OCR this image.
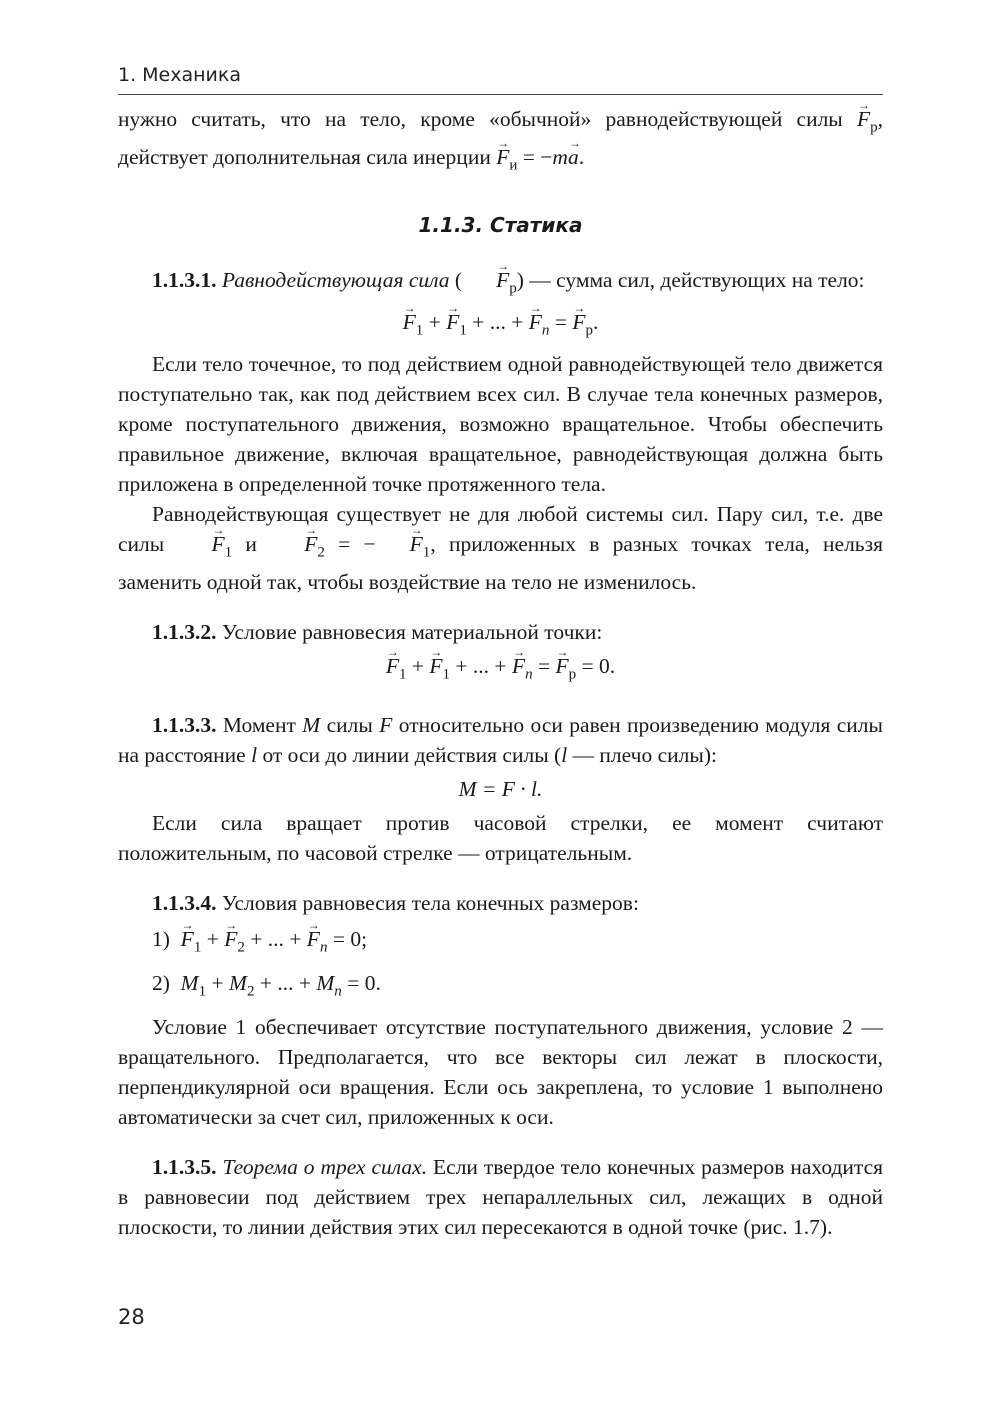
1. Механика

нужно считать, что на тело, кроме «обычной» равнодействующей силы → $F_р$, действует дополнительная сила инерции → $F_и = -m\to a$.

1.1.3. Статика

1.1.3.1. Равнодействующая сила ( → $F_р$) — сумма сил, действующих на тело:

→ $F_1$ + → $F_1$ + ... + → $F_n$ = → $F_р$.

Если тело точечное, то под действием одной равнодействующей тело движется поступательно так, как под действием всех сил. В случае тела конечных размеров, кроме поступательного движения, возможно вращательное. Чтобы обеспечить правильное движение, включая вращательное, равнодействующая должна быть приложена в определенной точке протяженного тела.

Равнодействующая существует не для любой системы сил. Пару сил, т.е. две силы → $F_1$ $и \to F_2$ = − → $F_1$, приложенных в разных точках тела, нельзя заменить одной так, чтобы воздействие на тело не изменилось.

1.1.3.2. Условие равновесия материальной точки:

→ $F_1$ + → $F_1$ + ... + → $F_n$ = → $F_р = 0$.

1.1.3.3. Момент M силы F относительно оси равен произведению модуля силы на расстояние l от оси до линии действия силы (l — плечо силы):

M = F · l.

Если сила вращает против часовой стрелки, ее момент считают положительным, по часовой стрелке — отрицательным.

1.1.3.4. Условия равновесия тела конечных размеров:

$1) \to F_1$ + → $F_2$ + ... + → $F_n = 0$;
2) $M_1 + M_2$ + ... + $M_n = 0$.

Условие 1 обеспечивает отсутствие поступательного движения, условие 2 — вращательного. Предполагается, что все векторы сил лежат в плоскости, перпендикулярной оси вращения. Если ось закреплена, то условие 1 выполнено автоматически за счет сил, приложенных к оси.

1.1.3.5. Теорема о трех силах. Если твердое тело конечных размеров находится в равновесии под действием трех непараллельных сил, лежащих в одной плоскости, то линии действия этих сил пересекаются в одной точке (рис. 1.7).

28
